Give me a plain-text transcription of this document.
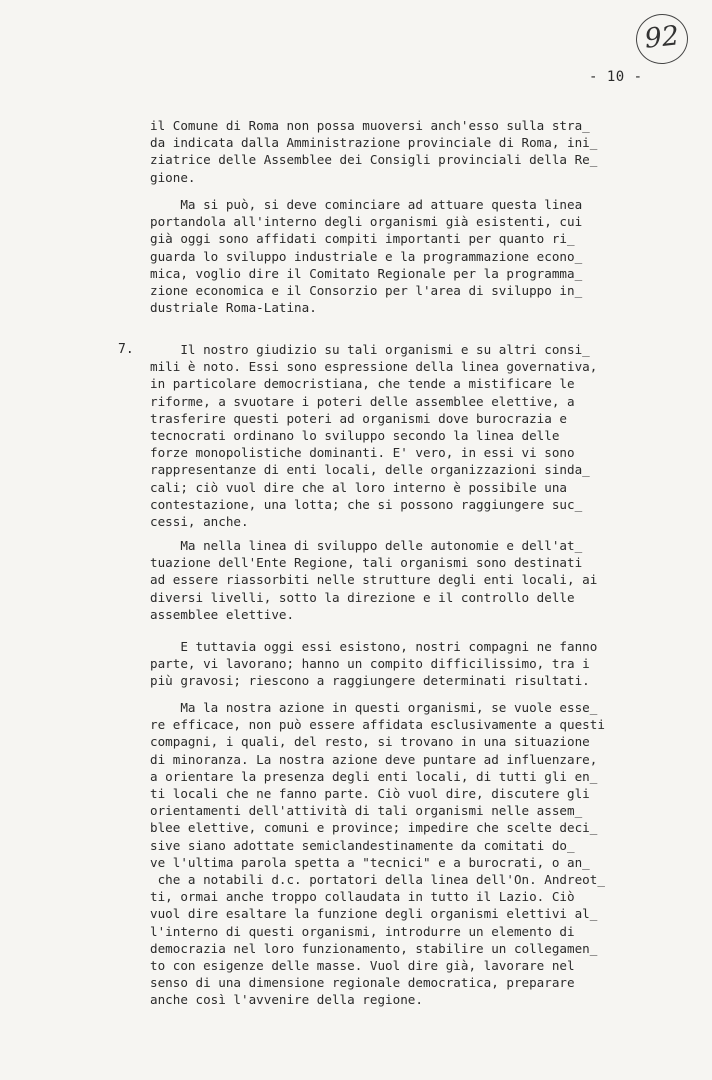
92
- 10 -
7.

il Comune di Roma non possa muoversi anch'esso sulla stra_
da indicata dalla Amministrazione provinciale di Roma, ini_
ziatrice delle Assemblee dei Consigli provinciali della Re_
gione.

Ma si può, si deve cominciare ad attuare questa linea
portandola all'interno degli organismi già esistenti, cui
già oggi sono affidati compiti importanti per quanto ri_
guarda lo sviluppo industriale e la programmazione econo_
mica, voglio dire il Comitato Regionale per la programma_
zione economica e il Consorzio per l'area di sviluppo in_
dustriale Roma-Latina.

Il nostro giudizio su tali organismi e su altri consi_
mili è noto. Essi sono espressione della linea governativa,
in particolare democristiana, che tende a mistificare le
riforme, a svuotare i poteri delle assemblee elettive, a
trasferire questi poteri ad organismi dove burocrazia e
tecnocrati ordinano lo sviluppo secondo la linea delle
forze monopolistiche dominanti. E' vero, in essi vi sono
rappresentanze di enti locali, delle organizzazioni sinda_
cali; ciò vuol dire che al loro interno è possibile una
contestazione, una lotta; che si possono raggiungere suc_
cessi, anche.

Ma nella linea di sviluppo delle autonomie e dell'at_
tuazione dell'Ente Regione, tali organismi sono destinati
ad essere riassorbiti nelle strutture degli enti locali, ai
diversi livelli, sotto la direzione e il controllo delle
assemblee elettive.

E tuttavia oggi essi esistono, nostri compagni ne fanno
parte, vi lavorano; hanno un compito difficilissimo, tra i
più gravosi; riescono a raggiungere determinati risultati.

Ma la nostra azione in questi organismi, se vuole esse_
re efficace, non può essere affidata esclusivamente a questi
compagni, i quali, del resto, si trovano in una situazione
di minoranza. La nostra azione deve puntare ad influenzare,
a orientare la presenza degli enti locali, di tutti gli en_
ti locali che ne fanno parte. Ciò vuol dire, discutere gli
orientamenti dell'attività di tali organismi nelle assem_
blee elettive, comuni e province; impedire che scelte deci_
sive siano adottate semiclandestinamente da comitati do_
ve l'ultima parola spetta a "tecnici" e a burocrati, o an_
che a notabili d.c. portatori della linea dell'On. Andreot_
ti, ormai anche troppo collaudata in tutto il Lazio. Ciò
vuol dire esaltare la funzione degli organismi elettivi al_
l'interno di questi organismi, introdurre un elemento di
democrazia nel loro funzionamento, stabilire un collegamen_
to con esigenze delle masse. Vuol dire già, lavorare nel
senso di una dimensione regionale democratica, preparare
anche così l'avvenire della regione.
